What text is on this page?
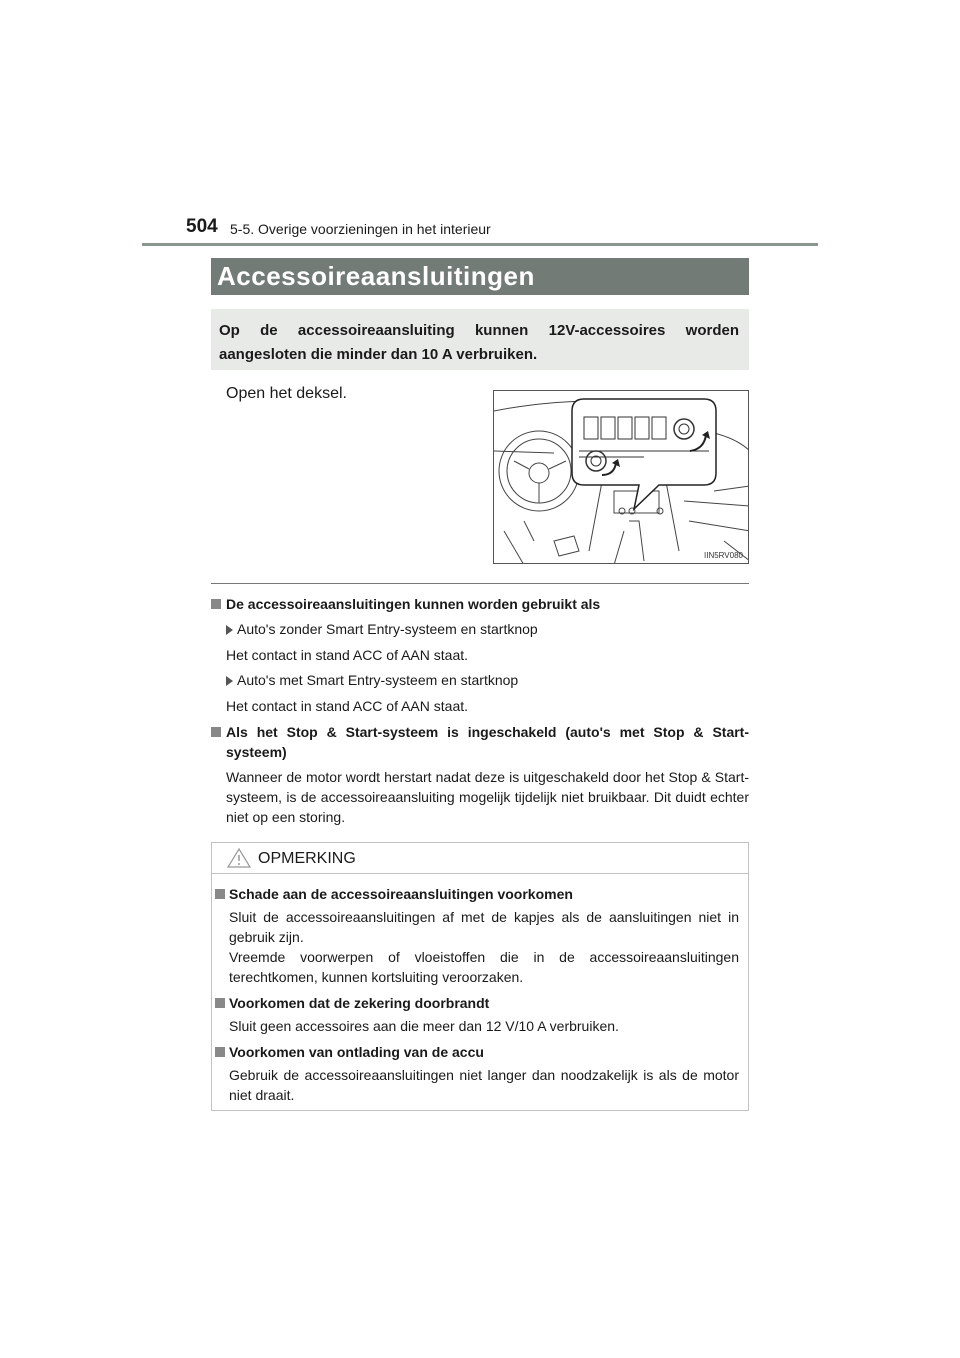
504 5-5. Overige voorzieningen in het interieur
Accessoireaansluitingen
Op de accessoireaansluiting kunnen 12V-accessoires worden aangesloten die minder dan 10 A verbruiken.
Open het deksel.
IIN5RV080

De accessoireaansluitingen kunnen worden gebruikt als

Auto's zonder Smart Entry-systeem en startknop

Het contact in stand ACC of AAN staat.

Auto's met Smart Entry-systeem en startknop

Het contact in stand ACC of AAN staat.

Als het Stop & Start-systeem is ingeschakeld (auto's met Stop & Start-systeem)

Wanneer de motor wordt herstart nadat deze is uitgeschakeld door het Stop & Start-systeem, is de accessoireaansluiting mogelijk tijdelijk niet bruikbaar. Dit duidt echter niet op een storing.

OPMERKING

Schade aan de accessoireaansluitingen voorkomen

Sluit de accessoireaansluitingen af met de kapjes als de aansluitingen niet in gebruik zijn.

Vreemde voorwerpen of vloeistoffen die in de accessoireaansluitingen terechtkomen, kunnen kortsluiting veroorzaken.

Voorkomen dat de zekering doorbrandt

Sluit geen accessoires aan die meer dan 12 V/10 A verbruiken.

Voorkomen van ontlading van de accu

Gebruik de accessoireaansluitingen niet langer dan noodzakelijk is als de motor niet draait.
